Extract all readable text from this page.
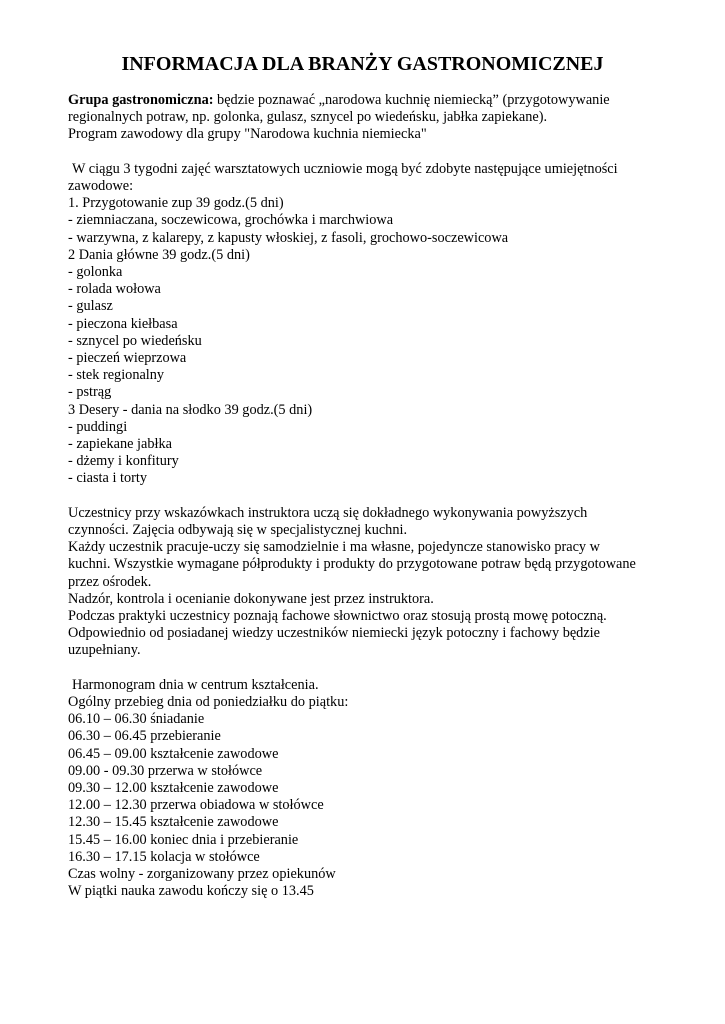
INFORMACJA DLA BRANŻY GASTRONOMICZNEJ
Grupa gastronomiczna: będzie poznawać „narodowa kuchnię niemiecką” (przygotowywanie
regionalnych potraw, np. golonka, gulasz, sznycel po wiedeńsku, jabłka zapiekane).
Program zawodowy dla grupy "Narodowa kuchnia niemiecka"
W ciągu 3 tygodni zajęć warsztatowych uczniowie mogą być zdobyte następujące umiejętności
zawodowe:
1. Przygotowanie zup 39 godz.(5 dni)
- ziemniaczana, soczewicowa, grochówka i marchwiowa
- warzywna, z kalarepy, z kapusty włoskiej, z fasoli, grochowo-soczewicowa
2 Dania główne 39 godz.(5 dni)
- golonka
- rolada wołowa
- gulasz
- pieczona kiełbasa
- sznycel po wiedeńsku
- pieczeń wieprzowa
- stek regionalny
- pstrąg
3 Desery - dania na słodko 39 godz.(5 dni)
- puddingi
- zapiekane jabłka
- dżemy i konfitury
- ciasta i torty
Uczestnicy przy wskazówkach instruktora uczą się dokładnego wykonywania powyższych
czynności. Zajęcia odbywają się w specjalistycznej kuchni.
Każdy uczestnik pracuje-uczy się samodzielnie i ma własne, pojedyncze stanowisko pracy w
kuchni. Wszystkie wymagane półprodukty i produkty do przygotowane potraw będą przygotowane
przez ośrodek.
Nadzór, kontrola i ocenianie dokonywane jest przez instruktora.
Podczas praktyki uczestnicy poznają fachowe słownictwo oraz stosują prostą mowę potoczną.
Odpowiednio od posiadanej wiedzy uczestników niemiecki język potoczny i fachowy będzie
uzupełniany.
Harmonogram dnia w centrum kształcenia.
Ogólny przebieg dnia od poniedziałku do piątku:
06.10 – 06.30 śniadanie
06.30 – 06.45 przebieranie
06.45 – 09.00 kształcenie zawodowe
09.00 - 09.30 przerwa w stołówce
09.30 – 12.00 kształcenie zawodowe
12.00 – 12.30 przerwa obiadowa w stołówce
12.30 – 15.45 kształcenie zawodowe
15.45 – 16.00 koniec dnia i przebieranie
16.30 – 17.15 kolacja w stołówce
Czas wolny - zorganizowany przez opiekunów
W piątki nauka zawodu kończy się o 13.45
